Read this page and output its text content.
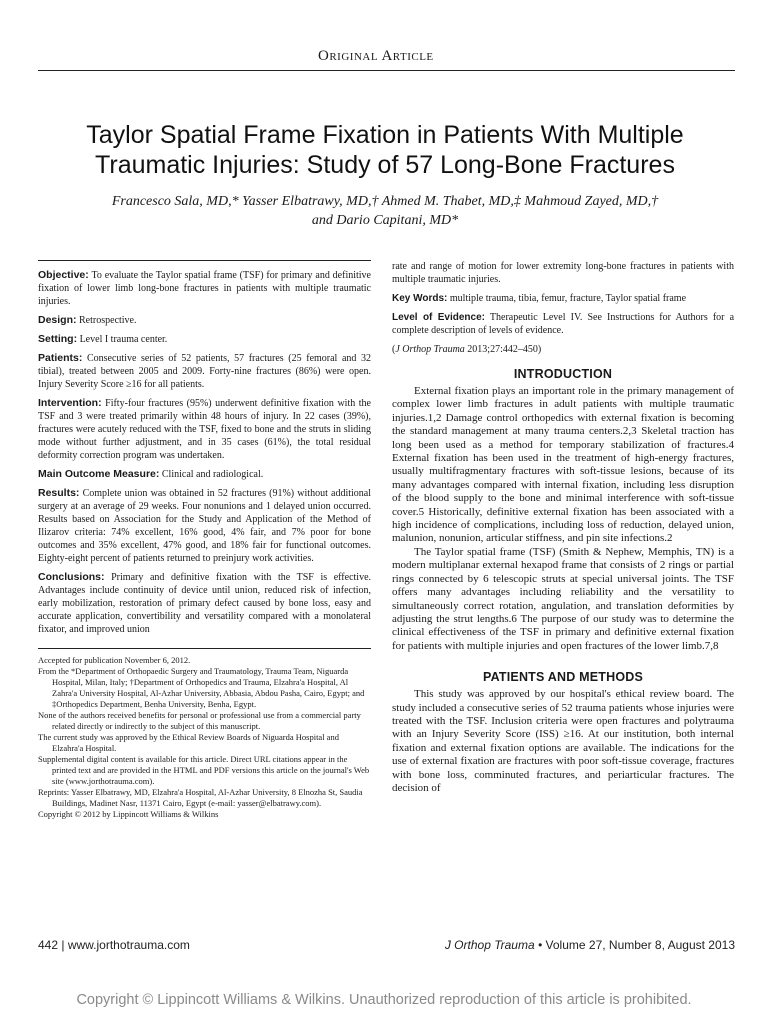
Original Article
Taylor Spatial Frame Fixation in Patients With Multiple
Traumatic Injuries: Study of 57 Long-Bone Fractures
Francesco Sala, MD,* Yasser Elbatrawy, MD,† Ahmed M. Thabet, MD,‡ Mahmoud Zayed, MD,†
and Dario Capitani, MD*

Objective: To evaluate the Taylor spatial frame (TSF) for primary and definitive fixation of lower limb long-bone fractures in patients with multiple traumatic injuries.

Design: Retrospective.

Setting: Level I trauma center.

Patients: Consecutive series of 52 patients, 57 fractures (25 femoral and 32 tibial), treated between 2005 and 2009. Forty-nine fractures (86%) were open. Injury Severity Score ≥16 for all patients.

Intervention: Fifty-four fractures (95%) underwent definitive fixation with the TSF and 3 were treated primarily within 48 hours of injury. In 22 cases (39%), fractures were acutely reduced with the TSF, fixed to bone and the struts in sliding mode without further adjustment, and in 35 cases (61%), the total residual deformity correction program was undertaken.

Main Outcome Measure: Clinical and radiological.

Results: Complete union was obtained in 52 fractures (91%) without additional surgery at an average of 29 weeks. Four nonunions and 1 delayed union occurred. Results based on Association for the Study and Application of the Method of Ilizarov criteria: 74% excellent, 16% good, 4% fair, and 7% poor for bone outcomes and 35% excellent, 47% good, and 18% fair for functional outcomes. Eighty-eight percent of patients returned to preinjury work activities.

Conclusions: Primary and definitive fixation with the TSF is effective. Advantages include continuity of device until union, reduced risk of infection, early mobilization, restoration of primary defect caused by bone loss, easy and accurate application, convertibility and versatility compared with a monolateral fixator, and improved union

Accepted for publication November 6, 2012.
From the *Department of Orthopaedic Surgery and Traumatology, Trauma Team, Niguarda Hospital, Milan, Italy; †Department of Orthopedics and Trauma, Elzahra'a Hospital, Al Zahra'a University Hospital, Al-Azhar University, Abbasia, Abdou Pasha, Cairo, Egypt; and ‡Orthopedics Department, Benha University, Benha, Egypt.
None of the authors received benefits for personal or professional use from a commercial party related directly or indirectly to the subject of this manuscript.
The current study was approved by the Ethical Review Boards of Niguarda Hospital and Elzahra'a Hospital.
Supplemental digital content is available for this article. Direct URL citations appear in the printed text and are provided in the HTML and PDF versions this article on the journal's Web site (www.jorthotrauma.com).
Reprints: Yasser Elbatrawy, MD, Elzahra'a Hospital, Al-Azhar University, 8 Elnozha St, Saudia Buildings, Madinet Nasr, 11371 Cairo, Egypt (e-mail: yasser@elbatrawy.com).
Copyright © 2012 by Lippincott Williams & Wilkins

rate and range of motion for lower extremity long-bone fractures in patients with multiple traumatic injuries.

Key Words: multiple trauma, tibia, femur, fracture, Taylor spatial frame

Level of Evidence: Therapeutic Level IV. See Instructions for Authors for a complete description of levels of evidence.

(J Orthop Trauma 2013;27:442–450)

INTRODUCTION

External fixation plays an important role in the primary management of complex lower limb fractures in adult patients with multiple traumatic injuries.1,2 Damage control orthopedics with external fixation is becoming the standard management at many trauma centers.2,3 Skeletal traction has long been used as a method for temporary stabilization of fractures.4 External fixation has been used in the treatment of high-energy fractures, usually multifragmentary fractures with soft-tissue lesions, because of its many advantages compared with internal fixation, including less disruption of the blood supply to the bone and minimal interference with soft-tissue cover.5 Historically, definitive external fixation has been associated with a high incidence of complications, including loss of reduction, delayed union, malunion, nonunion, articular stiffness, and pin site infections.2

The Taylor spatial frame (TSF) (Smith & Nephew, Memphis, TN) is a modern multiplanar external hexapod frame that consists of 2 rings or partial rings connected by 6 telescopic struts at special universal joints. The TSF offers many advantages including reliability and the versatility to simultaneously correct rotation, angulation, and translation deformities by adjusting the strut lengths.6 The purpose of our study was to determine the clinical effectiveness of the TSF in primary and definitive external fixation for patients with multiple injuries and open fractures of the lower limb.7,8

PATIENTS AND METHODS

This study was approved by our hospital's ethical review board. The study included a consecutive series of 52 trauma patients whose injuries were treated with the TSF. Inclusion criteria were open fractures and polytrauma with an Injury Severity Score (ISS) ≥16. At our institution, both internal fixation and external fixation options are available. The indications for the use of external fixation are fractures with poor soft-tissue coverage, fractures with bone loss, comminuted fractures, and periarticular fractures. The decision of

442 | www.jorthotrauma.com	J Orthop Trauma • Volume 27, Number 8, August 2013
Copyright © Lippincott Williams & Wilkins. Unauthorized reproduction of this article is prohibited.
